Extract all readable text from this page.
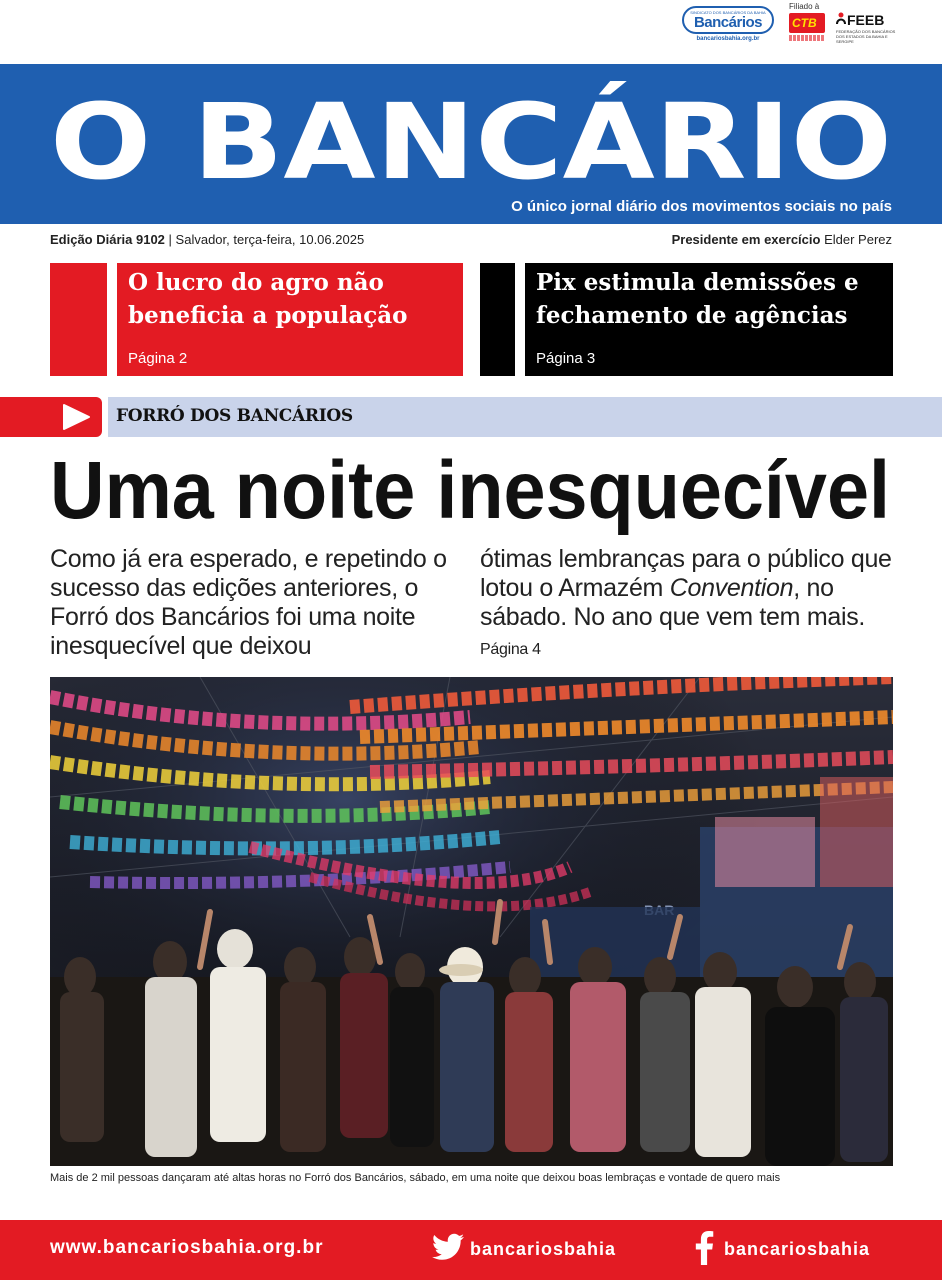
SINDICATO DOS BANCÁRIOS DA BAHIA
Bancários
bancariosbahia.org.br
Filiado à
CTB FEEB
FEDERAÇÃO DOS BANCÁRIOS DOS ESTADOS DA BAHIA E SERGIPE
O BANCÁRIO
O único jornal diário dos movimentos sociais no país
Edição Diária 9102 | Salvador, terça-feira, 10.06.2025	Presidente em exercício Elder Perez
O lucro do agro não beneficia a população
Página 2
Pix estimula demissões e fechamento de agências
Página 3
FORRÓ DOS BANCÁRIOS
Uma noite inesquecível
Como já era esperado, e repetindo o sucesso das edições anteriores, o Forró dos Bancários foi uma noite inesquecível que deixou
ótimas lembranças para o público que lotou o Armazém Convention, no sábado. No ano que vem tem mais. Página 4
Mais de 2 mil pessoas dançaram até altas horas no Forró dos Bancários, sábado, em uma noite que deixou boas lembraças e vontade de quero mais
www.bancariosbahia.org.br	bancariosbahia	bancariosbahia
